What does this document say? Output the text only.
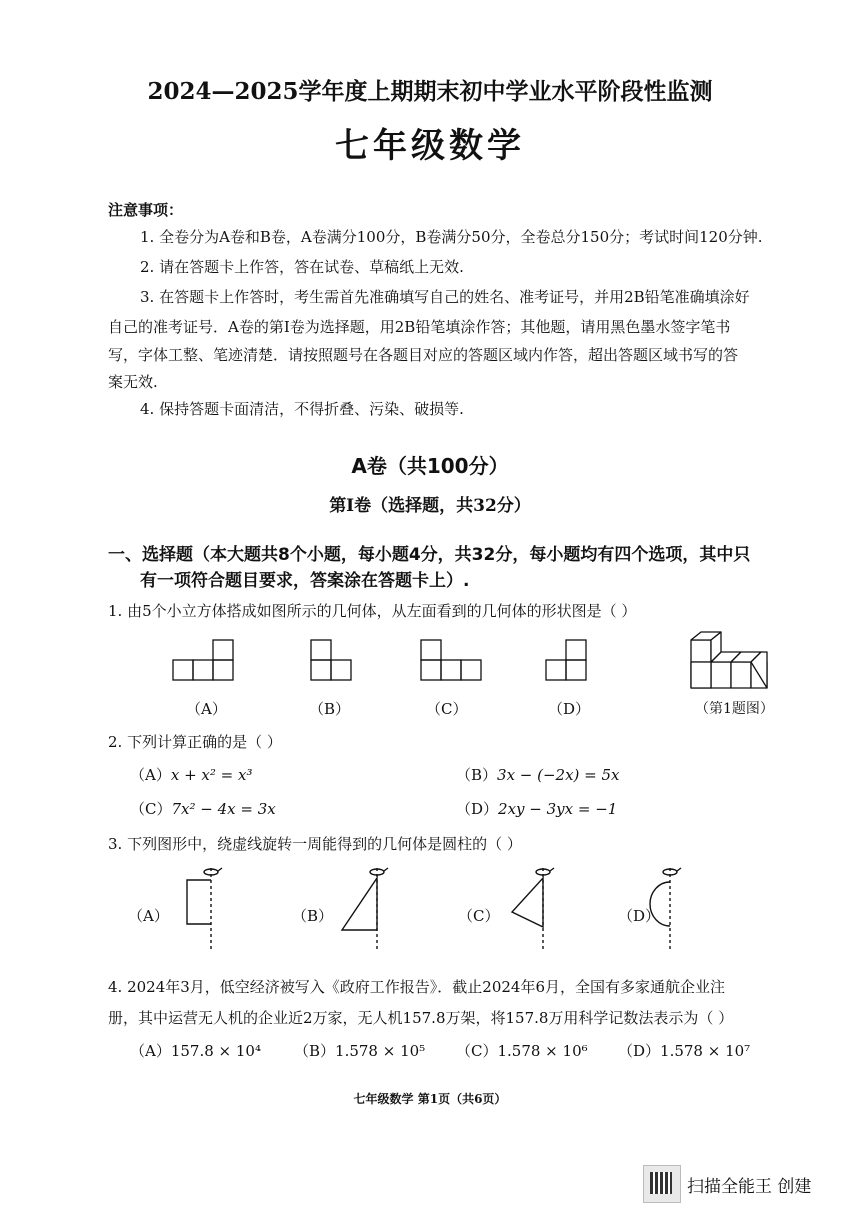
2024—2025学年度上期期末初中学业水平阶段性监测
七年级数学
注意事项：
1. 全卷分为A卷和B卷，A卷满分100分，B卷满分50分，全卷总分150分；考试时间120分钟.
2. 请在答题卡上作答，答在试卷、草稿纸上无效.
3. 在答题卡上作答时，考生需首先准确填写自己的姓名、准考证号，并用2B铅笔准确填涂好
自己的准考证号．A卷的第Ⅰ卷为选择题，用2B铅笔填涂作答；其他题，请用黑色墨水签字笔书
写，字体工整、笔迹清楚．请按照题号在各题目对应的答题区域内作答，超出答题区域书写的答
案无效.
4. 保持答题卡面清洁，不得折叠、污染、破损等.
A卷（共100分）
第Ⅰ卷（选择题，共32分）
一、选择题（本大题共8个小题，每小题4分，共32分，每小题均有四个选项，其中只
有一项符合题目要求，答案涂在答题卡上）.
1. 由5个小立方体搭成如图所示的几何体，从左面看到的几何体的形状图是（ ）
（A）	（B）	（C）	（D）	（第1题图）
2. 下列计算正确的是（ ）
（A）x + x² = x³	（B）3x − (−2x) = 5x
（C）7x² − 4x = 3x	（D）2xy − 3yx = −1
3. 下列图形中，绕虚线旋转一周能得到的几何体是圆柱的（ ）
（A）	（B）	（C）	（D）
4. 2024年3月，低空经济被写入《政府工作报告》．截止2024年6月，全国有多家通航企业注
册，其中运营无人机的企业近2万家，无人机157.8万架，将157.8万用科学记数法表示为（ ）
（A）157.8 × 10⁴ （B）1.578 × 10⁵ （C）1.578 × 10⁶ （D）1.578 × 10⁷
七年级数学 第1页（共6页）
扫描全能王 创建
